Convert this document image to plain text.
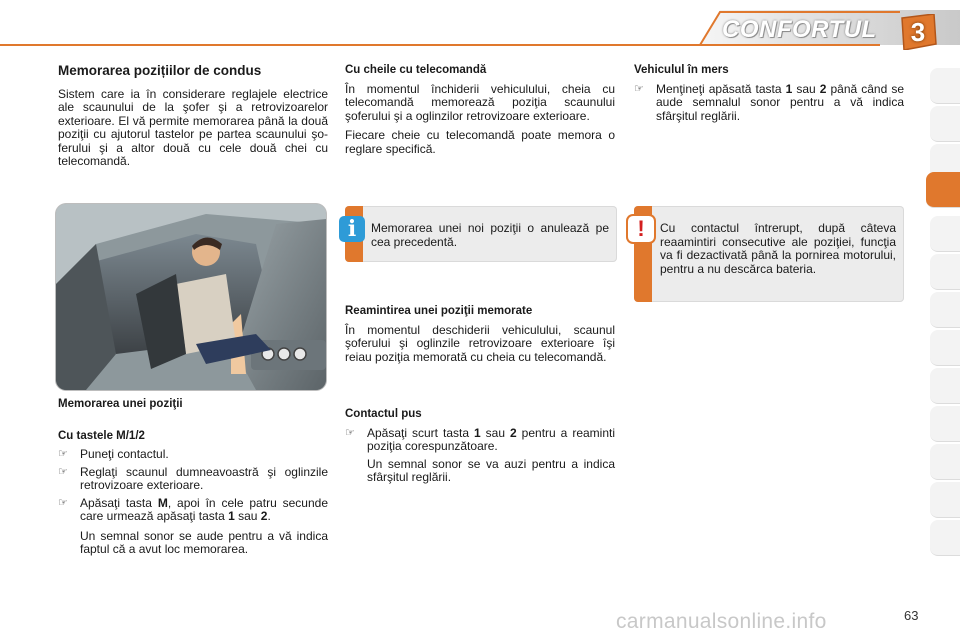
CONFORTUL	3
Memorarea pozițiilor de condus

Sistem care ia în considerare reglajele electrice ale scaunului de la şofer şi a retrovizoarelor exterioare. El vă permite memorarea până la două poziţii cu ajutorul tastelor pe partea scaunului şoferului şi a altor două cu cele două chei cu telecomandă.

Memorarea unei poziţii
Cu tastele M/1/2
☞ Puneţi contactul.
☞ Reglaţi scaunul dumneavoastră şi oglinzile retrovizoare exterioare.
☞ Apăsaţi tasta M, apoi în cele patru secunde care urmează apăsaţi tasta 1 sau 2.
Un semnal sonor se aude pentru a vă indica faptul că a avut loc memorarea.
Cu cheile cu telecomandă

În momentul închiderii vehiculului, cheia cu telecomandă memorează poziţia scaunului şoferului şi a oglinzilor retrovizoare exterioare.

Fiecare cheie cu telecomandă poate memora o reglare specifică.

i	Memorarea unei noi poziţii o anulează pe cea precedentă.
Reamintirea unei poziţii memorate

În momentul deschiderii vehiculului, scaunul şoferului şi oglinzile retrovizoare exterioare îşi reiau poziţia memorată cu cheia cu telecomandă.

Contactul pus
☞ Apăsaţi scurt tasta 1 sau 2 pentru a reaminti poziţia corespunzătoare.
Un semnal sonor se va auzi pentru a indica sfârşitul reglării.
Vehiculul în mers
☞ Menţineţi apăsată tasta 1 sau 2 până când se aude semnalul sonor pentru a vă indica sfârşitul reglării.
!	Cu contactul întrerupt, după câteva reaamintiri consecutive ale poziţiei, funcţia va fi dezactivată până la pornirea motorului, pentru a nu descărca bateria.
carmanualsonline.info	63
